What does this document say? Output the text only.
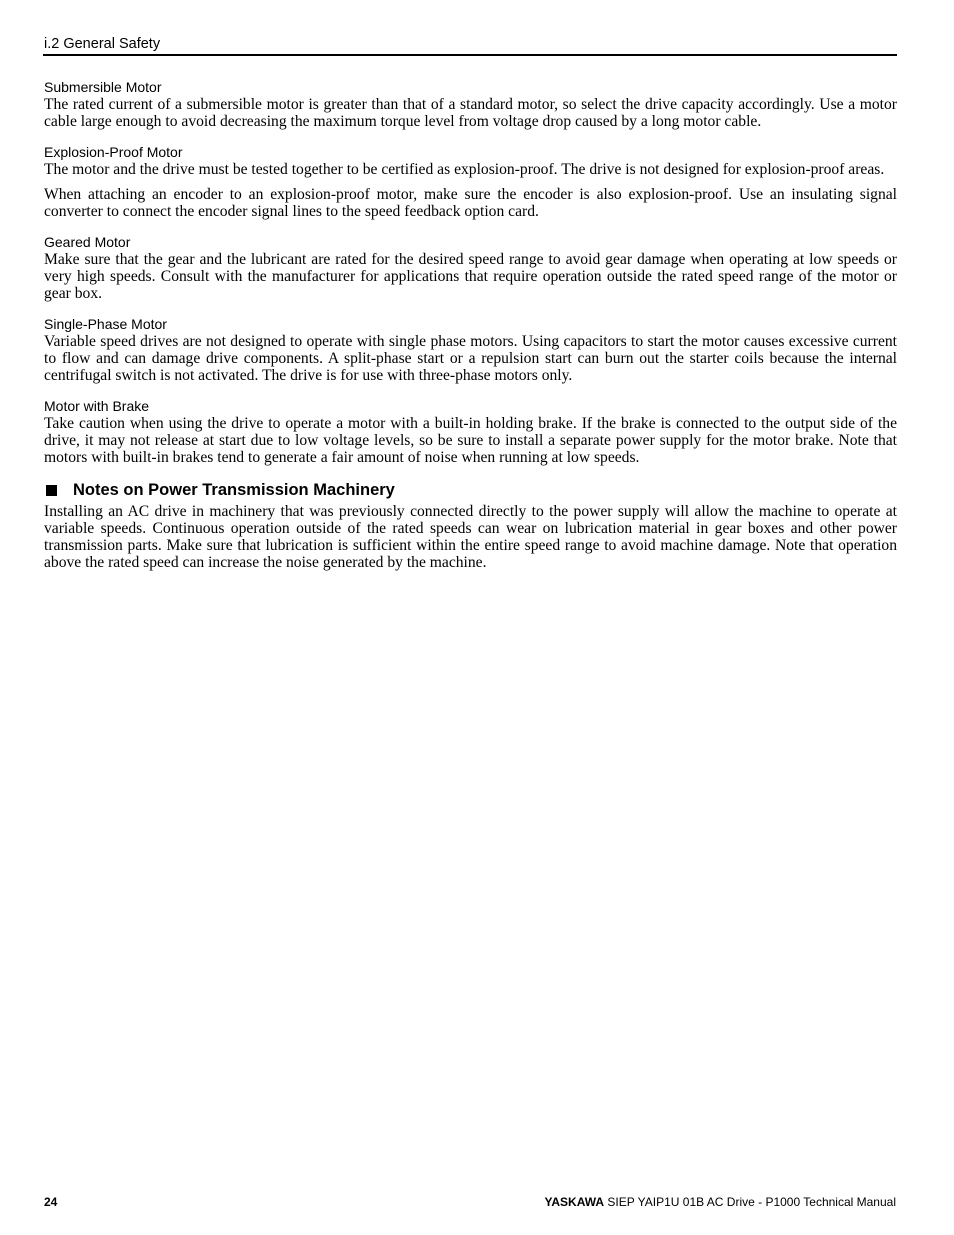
i.2 General Safety
Submersible Motor

The rated current of a submersible motor is greater than that of a standard motor, so select the drive capacity accordingly. Use a motor cable large enough to avoid decreasing the maximum torque level from voltage drop caused by a long motor cable.

Explosion-Proof Motor

The motor and the drive must be tested together to be certified as explosion-proof. The drive is not designed for explosion-proof areas.

When attaching an encoder to an explosion-proof motor, make sure the encoder is also explosion-proof. Use an insulating signal converter to connect the encoder signal lines to the speed feedback option card.

Geared Motor

Make sure that the gear and the lubricant are rated for the desired speed range to avoid gear damage when operating at low speeds or very high speeds. Consult with the manufacturer for applications that require operation outside the rated speed range of the motor or gear box.

Single-Phase Motor

Variable speed drives are not designed to operate with single phase motors. Using capacitors to start the motor causes excessive current to flow and can damage drive components. A split-phase start or a repulsion start can burn out the starter coils because the internal centrifugal switch is not activated. The drive is for use with three-phase motors only.

Motor with Brake

Take caution when using the drive to operate a motor with a built-in holding brake. If the brake is connected to the output side of the drive, it may not release at start due to low voltage levels, so be sure to install a separate power supply for the motor brake. Note that motors with built-in brakes tend to generate a fair amount of noise when running at low speeds.

Notes on Power Transmission Machinery

Installing an AC drive in machinery that was previously connected directly to the power supply will allow the machine to operate at variable speeds. Continuous operation outside of the rated speeds can wear on lubrication material in gear boxes and other power transmission parts. Make sure that lubrication is sufficient within the entire speed range to avoid machine damage. Note that operation above the rated speed can increase the noise generated by the machine.

24	YASKAWA SIEP YAIP1U 01B AC Drive - P1000 Technical Manual
